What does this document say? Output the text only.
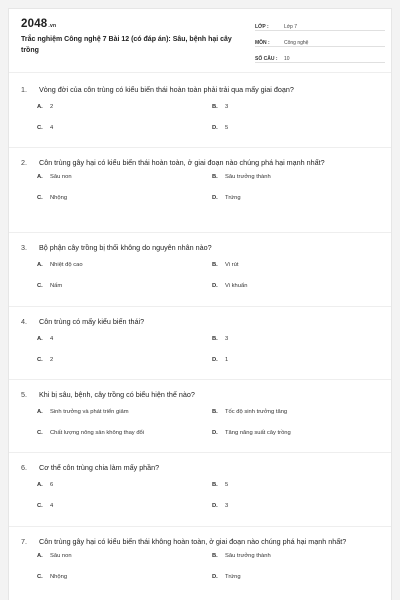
2048.vn
Trắc nghiệm Công nghệ 7 Bài 12 (có đáp án): Sâu, bệnh hại cây trồng
LỚP :	Lớp 7
MÔN :	Công nghệ
SỐ CÂU :	10
1. Vòng đời của côn trùng có kiểu biến thái hoàn toàn phải trải qua mấy giai đoạn?
A. 2	B. 3
C. 4	D. 5
2. Côn trùng gây hại có kiểu biến thái hoàn toàn, ở giai đoạn nào chúng phá hại mạnh nhất?
A. Sâu non	B. Sâu trưởng thành
C. Nhộng	D. Trứng
3. Bộ phận cây trồng bị thối không do nguyên nhân nào?
A. Nhiệt độ cao	B. Vi rút
C. Nấm	D. Vi khuẩn
4. Côn trùng có mấy kiểu biến thái?
A. 4	B. 3
C. 2	D. 1
5. Khi bị sâu, bệnh, cây trồng có biểu hiện thế nào?
A. Sinh trưởng và phát triển giảm	B. Tốc độ sinh trưởng tăng
C. Chất lượng nông sản không thay đổi	D. Tăng năng suất cây trồng
6. Cơ thể côn trùng chia làm mấy phần?
A. 6	B. 5
C. 4	D. 3
7. Côn trùng gây hại có kiểu biến thái không hoàn toàn, ở giai đoạn nào chúng phá hại mạnh nhất?
A. Sâu non	B. Sâu trưởng thành
C. Nhộng	D. Trứng
